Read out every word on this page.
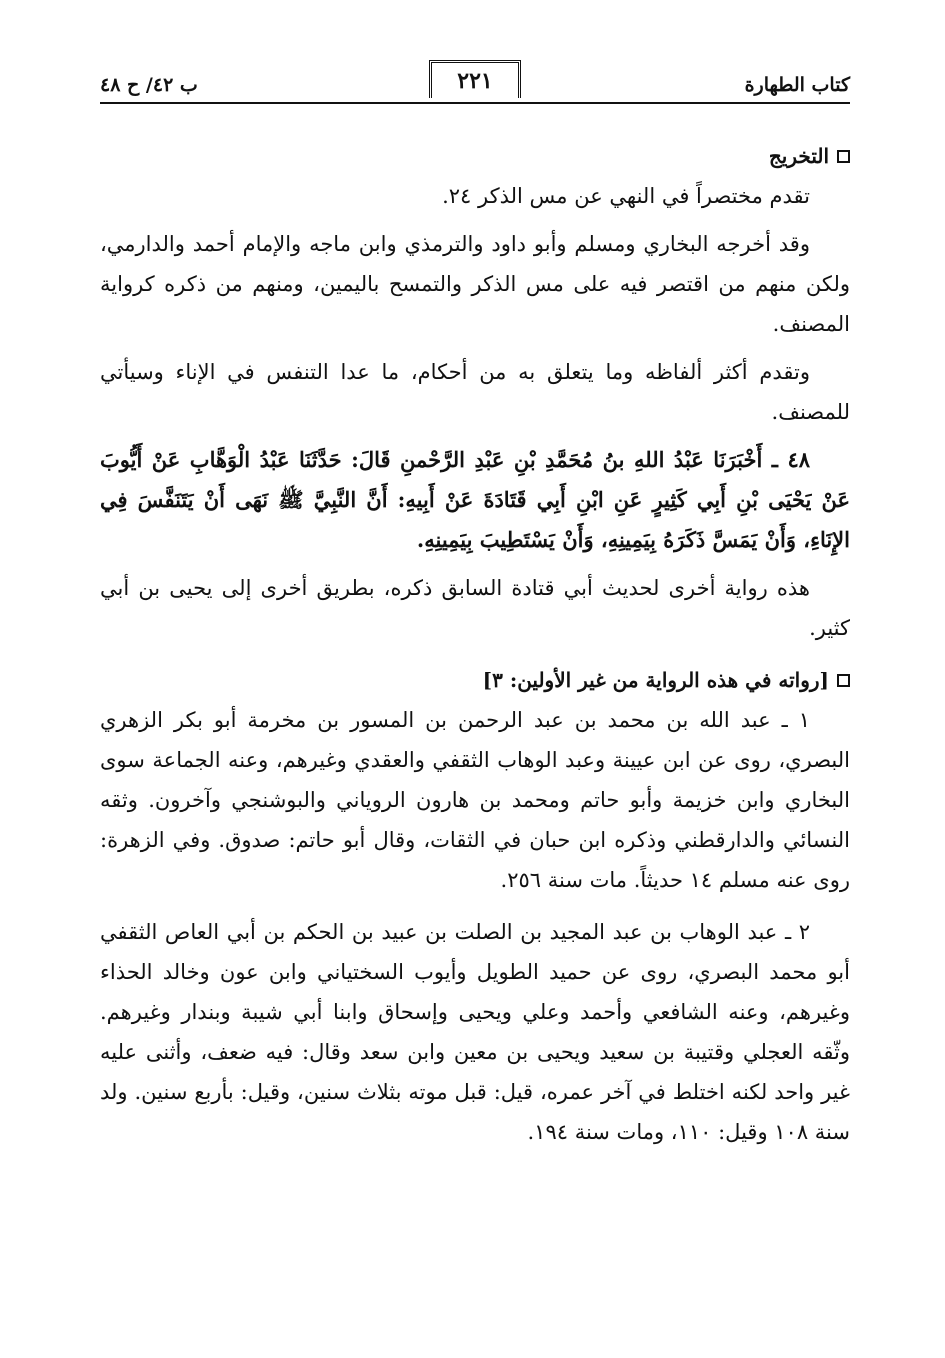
كتاب الطهارة
٢٢١
ب ٤٢/ ح ٤٨
التخريج

تقدم مختصراً في النهي عن مس الذكر ٢٤.

وقد أخرجه البخاري ومسلم وأبو داود والترمذي وابن ماجه والإمام أحمد والدارمي، ولكن منهم من اقتصر فيه على مس الذكر والتمسح باليمين، ومنهم من ذكره كرواية المصنف.

وتقدم أكثر ألفاظه وما يتعلق به من أحكام، ما عدا التنفس في الإناء وسيأتي للمصنف.

٤٨ ـ أَخْبَرَنَا عَبْدُ اللهِ بنُ مُحَمَّدِ بْنِ عَبْدِ الرَّحْمنِ قَالَ: حَدَّثَنَا عَبْدُ الْوَهَّابِ عَنْ أَيُّوبَ عَنْ يَحْيَى بْنِ أَبِي كَثِيرٍ عَنِ ابْنِ أَبِي قَتَادَةَ عَنْ أَبِيهِ: أَنَّ النَّبِيَّ ﷺ نَهَى أَنْ يَتَنَفَّسَ فِي الإِنَاءِ، وَأَنْ يَمَسَّ ذَكَرَهُ بِيَمِينِهِ، وَأَنْ يَسْتَطِيبَ بِيَمِينِهِ.

هذه رواية أخرى لحديث أبي قتادة السابق ذكره، بطريق أخرى إلى يحيى بن أبي كثير.

[رواته في هذه الرواية من غير الأولين: ٣]

١ ـ عبد الله بن محمد بن عبد الرحمن بن المسور بن مخرمة أبو بكر الزهري البصري، روى عن ابن عيينة وعبد الوهاب الثقفي والعقدي وغيرهم، وعنه الجماعة سوى البخاري وابن خزيمة وأبو حاتم ومحمد بن هارون الروياني والبوشنجي وآخرون. وثقه النسائي والدارقطني وذكره ابن حبان في الثقات، وقال أبو حاتم: صدوق. وفي الزهرة: روى عنه مسلم ١٤ حديثاً. مات سنة ٢٥٦.

٢ ـ عبد الوهاب بن عبد المجيد بن الصلت بن عبيد بن الحكم بن أبي العاص الثقفي أبو محمد البصري، روى عن حميد الطويل وأيوب السختياني وابن عون وخالد الحذاء وغيرهم، وعنه الشافعي وأحمد وعلي ويحيى وإسحاق وابنا أبي شيبة وبندار وغيرهم. وثّقه العجلي وقتيبة بن سعيد ويحيى بن معين وابن سعد وقال: فيه ضعف، وأثنى عليه غير واحد لكنه اختلط في آخر عمره، قيل: قبل موته بثلاث سنين، وقيل: بأربع سنين. ولد سنة ١٠٨ وقيل: ١١٠، ومات سنة ١٩٤.
